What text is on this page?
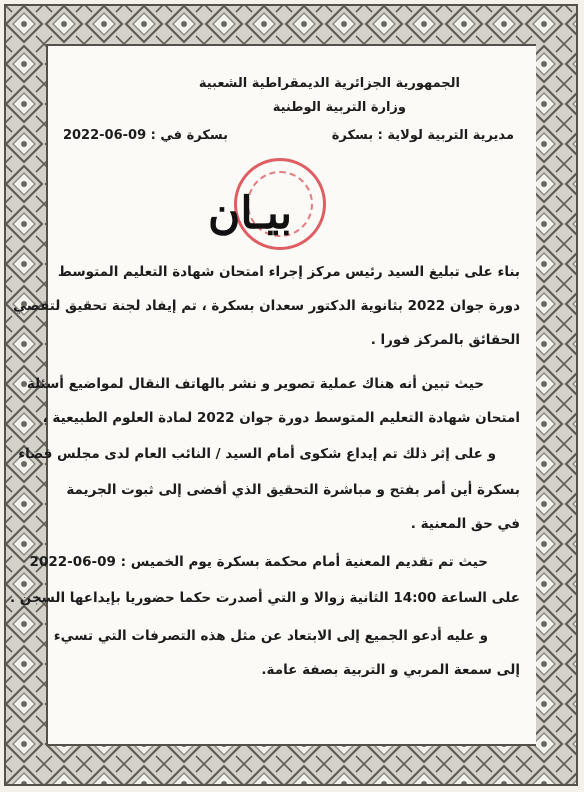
الجمهورية الجزائرية الديمقراطية الشعبية
وزارة التربية الوطنية
مديرية التربية لولاية : بسكرة
بسكرة في : 09-06-2022
بيـان
بناء على تبليغ السيد رئيس مركز إجراء امتحان شهادة التعليم المتوسط
دورة جوان 2022 بثانوية الدكتور سعدان بسكرة ، تم إيفاد لجنة تحقيق لتقصي
الحقائق بالمركز فورا .
حيث تبين أنه هناك عملية تصوير و نشر بالهاتف النقال لمواضيع أسئلة
امتحان شهادة التعليم المتوسط دورة جوان 2022 لمادة العلوم الطبيعية ،
و على إثر ذلك تم إيداع شكوى أمام السيد / النائب العام لدى مجلس قضاء
بسكرة أين أمر بفتح و مباشرة التحقيق الذي أفضى إلى ثبوت الجريمة
في حق المعنية .
حيث تم تقديم المعنية أمام محكمة بسكرة يوم الخميس : 09-06-2022
على الساعة 14:00 الثانية زوالا و التي أصدرت حكما حضوريا بإيداعها السجن .
و عليه أدعو الجميع إلى الابتعاد عن مثل هذه التصرفات التي تسيء
إلى سمعة المربي و التربية بصفة عامة.
